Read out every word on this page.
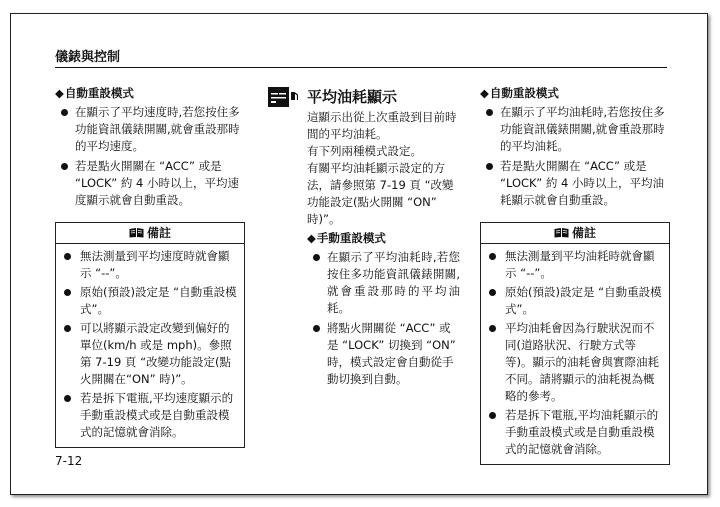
儀錶與控制
◆自動重設模式
在顯示了平均速度時,若您按住多功能資訊儀錶開關,就會重設那時的平均速度。
若是點火開關在 “ACC” 或是 “LOCK” 約 4 小時以上，平均速度顯示就會自動重設。
備註
無法測量到平均速度時就會顯示 “--”。
原始(預設)設定是 “自動重設模式”。
可以將顯示設定改變到偏好的單位(km/h 或是 mph)。參照第 7-19 頁 “改變功能設定(點火開關在“ON” 時)”。
若是拆下電瓶,平均速度顯示的手動重設模式或是自動重設模式的記憶就會消除。
平均油耗顯示

這顯示出從上次重設到目前時間的平均油耗。

有下列兩種模式設定。

有關平均油耗顯示設定的方法，請參照第 7-19 頁 “改變功能設定(點火開關 “ON” 時)”。

◆手動重設模式
在顯示了平均油耗時,若您按住多功能資訊儀錶開關,就會重設那時的平均油耗。
將點火開關從 “ACC” 或是 “LOCK” 切換到 “ON” 時，模式設定會自動從手動切換到自動。
◆自動重設模式
在顯示了平均油耗時,若您按住多功能資訊儀錶開關,就會重設那時的平均油耗。
若是點火開關在 “ACC” 或是 “LOCK” 約 4 小時以上，平均油耗顯示就會自動重設。
備註
無法測量到平均油耗時就會顯示 “--”。
原始(預設)設定是 “自動重設模式”。
平均油耗會因為行駛狀況而不同(道路狀況、行駛方式等等)。顯示的油耗會與實際油耗不同。請將顯示的油耗視為概略的參考。
若是拆下電瓶,平均油耗顯示的手動重設模式或是自動重設模式的記憶就會消除。
7-12
